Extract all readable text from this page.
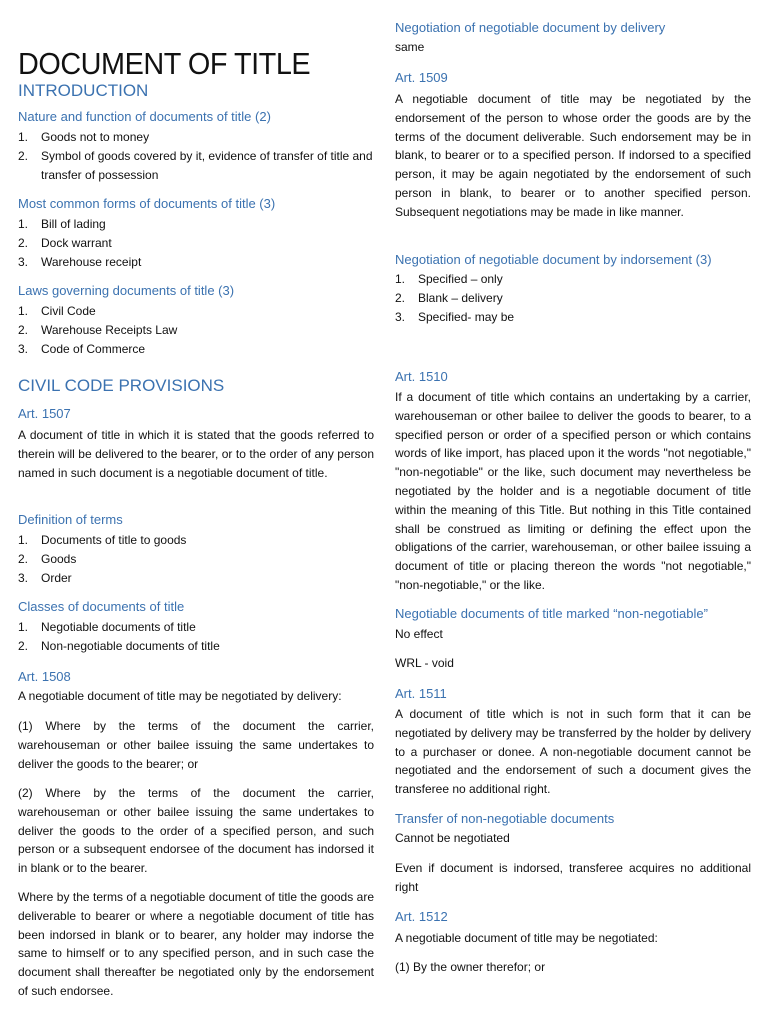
DOCUMENT OF TITLE
INTRODUCTION
Nature and function of documents of title (2)
1.	Goods not to money
2.	Symbol of goods covered by it, evidence of transfer of title and transfer of possession
Most common forms of documents of title (3)
1.	Bill of lading
2.	Dock warrant
3.	Warehouse receipt
Laws governing documents of title (3)
1.	Civil Code
2.	Warehouse Receipts Law
3.	Code of Commerce
CIVIL CODE PROVISIONS
Art. 1507
A document of title in which it is stated that the goods referred to therein will be delivered to the bearer, or to the order of any person named in such document is a negotiable document of title.
Definition of terms
1.	Documents of title to goods
2.	Goods
3.	Order
Classes of documents of title
1.	Negotiable documents of title
2.	Non-negotiable documents of title
Art. 1508
A negotiable document of title may be negotiated by delivery:
(1) Where by the terms of the document the carrier, warehouseman or other bailee issuing the same undertakes to deliver the goods to the bearer; or
(2) Where by the terms of the document the carrier, warehouseman or other bailee issuing the same undertakes to deliver the goods to the order of a specified person, and such person or a subsequent endorsee of the document has indorsed it in blank or to the bearer.
Where by the terms of a negotiable document of title the goods are deliverable to bearer or where a negotiable document of title has been indorsed in blank or to bearer, any holder may indorse the same to himself or to any specified person, and in such case the document shall thereafter be negotiated only by the endorsement of such endorsee.
Negotiation of negotiable document by delivery
same
Art. 1509
A negotiable document of title may be negotiated by the endorsement of the person to whose order the goods are by the terms of the document deliverable. Such endorsement may be in blank, to bearer or to a specified person. If indorsed to a specified person, it may be again negotiated by the endorsement of such person in blank, to bearer or to another specified person. Subsequent negotiations may be made in like manner.
Negotiation of negotiable document by indorsement (3)
1.	Specified – only
2.	Blank – delivery
3.	Specified- may be
Art. 1510
If a document of title which contains an undertaking by a carrier, warehouseman or other bailee to deliver the goods to bearer, to a specified person or order of a specified person or which contains words of like import, has placed upon it the words "not negotiable," "non-negotiable" or the like, such document may nevertheless be negotiated by the holder and is a negotiable document of title within the meaning of this Title. But nothing in this Title contained shall be construed as limiting or defining the effect upon the obligations of the carrier, warehouseman, or other bailee issuing a document of title or placing thereon the words "not negotiable," "non-negotiable," or the like.
Negotiable documents of title marked “non-negotiable”
No effect
WRL - void
Art. 1511
A document of title which is not in such form that it can be negotiated by delivery may be transferred by the holder by delivery to a purchaser or donee. A non-negotiable document cannot be negotiated and the endorsement of such a document gives the transferee no additional right.
Transfer of non-negotiable documents
Cannot be negotiated
Even if document is indorsed, transferee acquires no additional right
Art. 1512
A negotiable document of title may be negotiated:
(1) By the owner therefor; or
